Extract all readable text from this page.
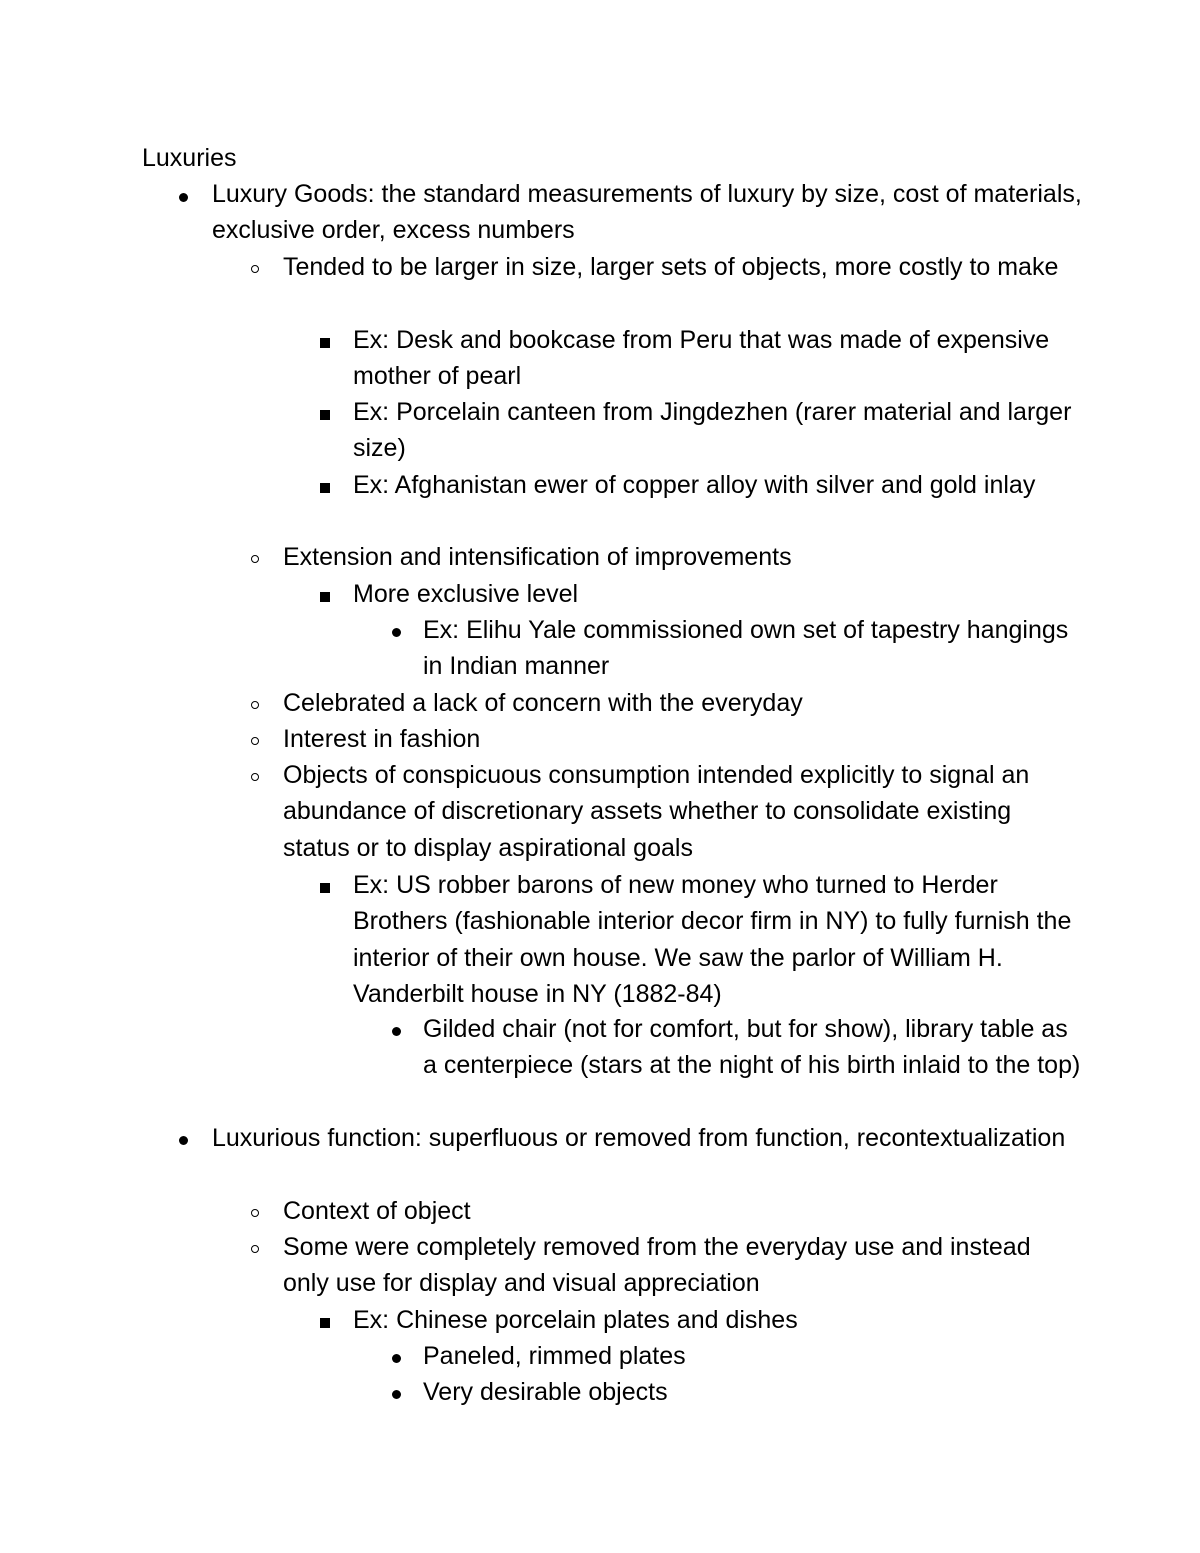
Luxuries

Luxury Goods: the standard measurements of luxury by size, cost of materials, exclusive order, excess numbers

Tended to be larger in size, larger sets of objects, more costly to make

Ex: Desk and bookcase from Peru that was made of expensive mother of pearl

Ex: Porcelain canteen from Jingdezhen (rarer material and larger size)

Ex: Afghanistan ewer of copper alloy with silver and gold inlay

Extension and intensification of improvements

More exclusive level

Ex: Elihu Yale commissioned own set of tapestry hangings in Indian manner

Celebrated a lack of concern with the everyday

Interest in fashion

Objects of conspicuous consumption intended explicitly to signal an abundance of discretionary assets whether to consolidate existing status or to display aspirational goals

Ex: US robber barons of new money who turned to Herder Brothers (fashionable interior decor firm in NY) to fully furnish the interior of their own house. We saw the parlor of William H. Vanderbilt house in NY (1882-84)

Gilded chair (not for comfort, but for show), library table as a centerpiece (stars at the night of his birth inlaid to the top)

Luxurious function: superfluous or removed from function, recontextualization

Context of object

Some were completely removed from the everyday use and instead only use for display and visual appreciation

Ex: Chinese porcelain plates and dishes

Paneled, rimmed plates

Very desirable objects
